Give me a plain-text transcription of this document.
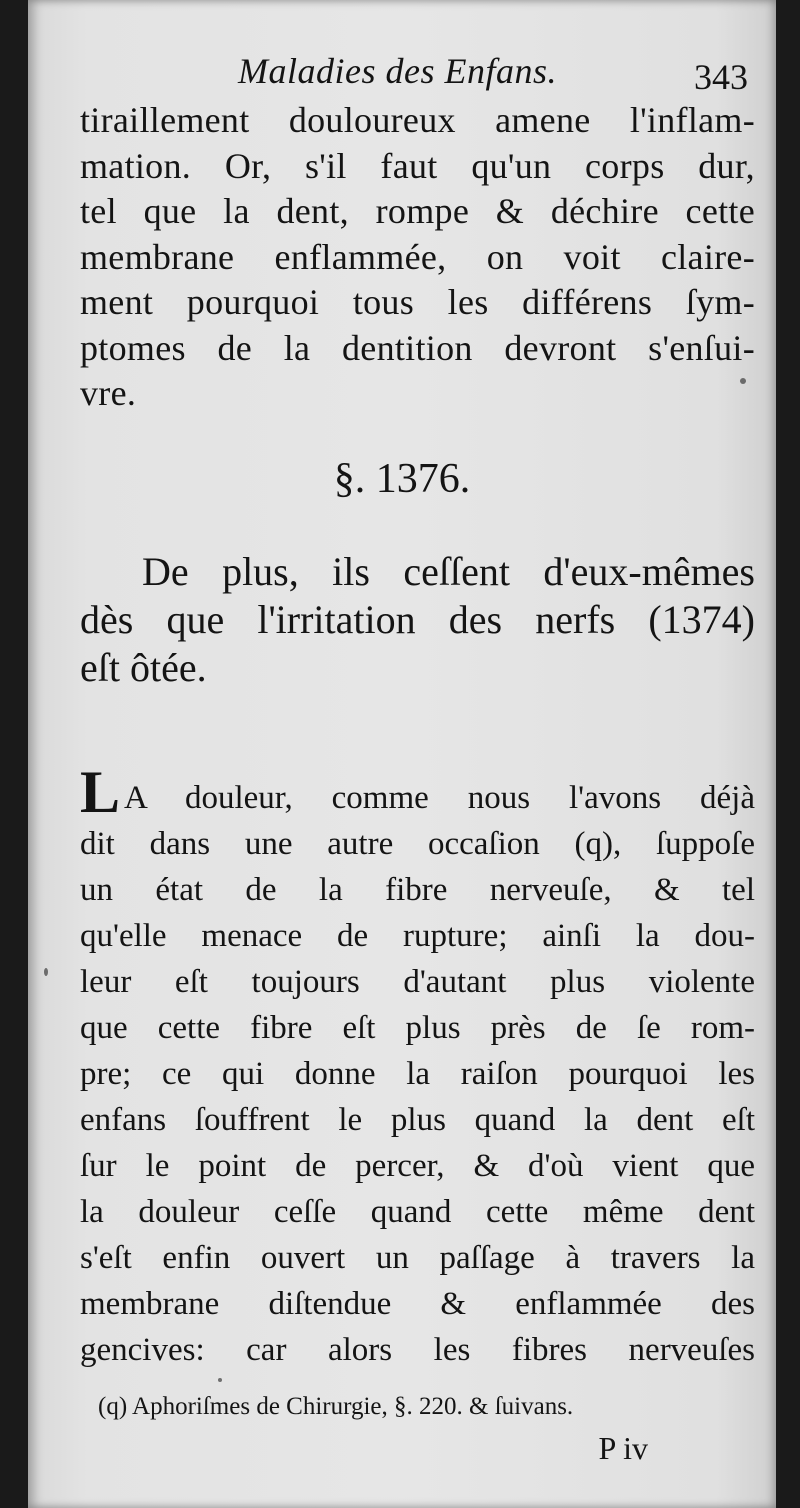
Maladies des Enfans.	343
tiraillement douloureux amene l'inflam-
mation. Or, s'il faut qu'un corps dur,
tel que la dent, rompe & déchire cette
membrane enflammée, on voit claire-
ment pourquoi tous les différens ſym-
ptomes de la dentition devront s'enſui-
vre.
§. 1376.
De plus, ils ceſſent d'eux-mêmes
dès que l'irritation des nerfs (1374)
eſt ôtée.
L A douleur, comme nous l'avons déjà
dit dans une autre occaſion (q), ſuppoſe
un état de la fibre nerveuſe, & tel
qu'elle menace de rupture; ainſi la dou-
leur eſt toujours d'autant plus violente
que cette fibre eſt plus près de ſe rom-
pre; ce qui donne la raiſon pourquoi les
enfans ſouffrent le plus quand la dent eſt
ſur le point de percer, & d'où vient que
la douleur ceſſe quand cette même dent
s'eſt enfin ouvert un paſſage à travers la
membrane diſtendue & enflammée des
gencives: car alors les fibres nerveuſes
(q) Aphoriſmes de Chirurgie, §. 220. & ſuivans.
P iv
